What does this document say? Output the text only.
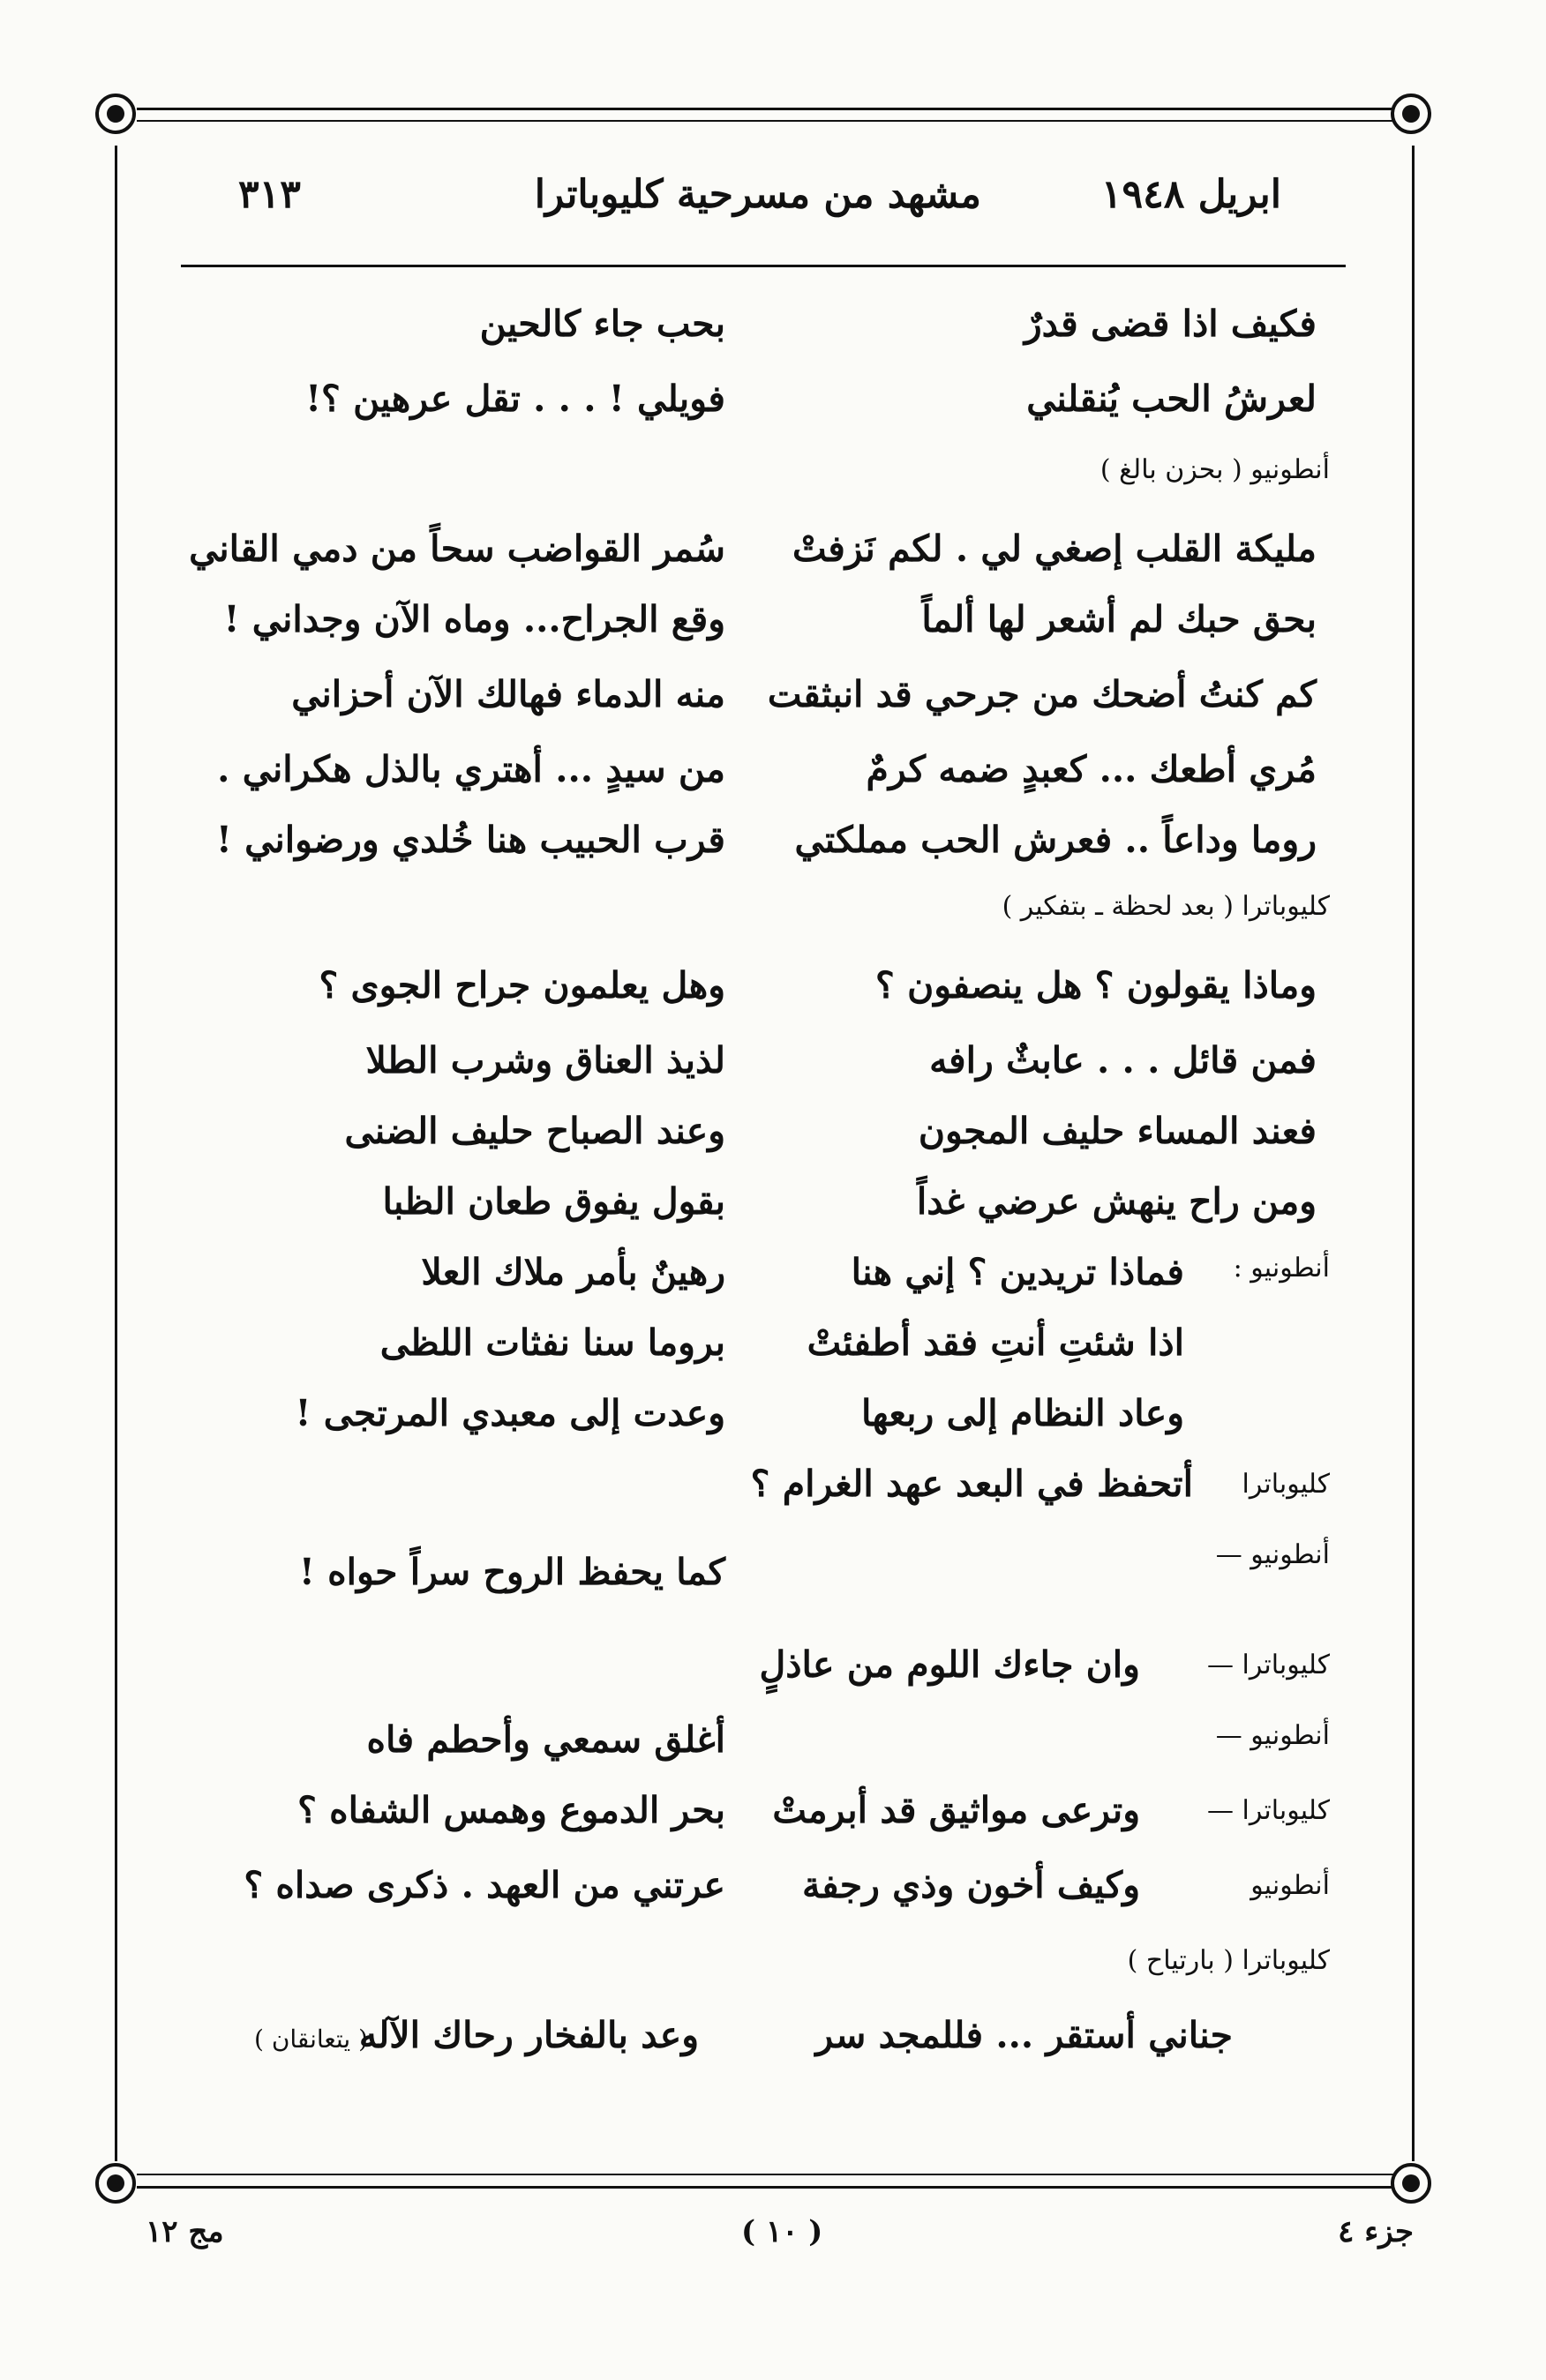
ابريل ١٩٤٨
مشهد من مسرحية كليوباترا
٣١٣
فكيف اذا قضى قدرٌ
بحب جاء كالحين
لعرشُ الحب يُنقلني
فويلي ! . . . تقل عرهين ؟!
أنطونيو ( بحزن بالغ )
مليكة القلب إصغي لي . لكم نَزفتْ
سُمر القواضب سحاً من دمي القاني
بحق حبك لم أشعر لها ألماً
وقع الجراح... وماه الآن وجداني !
كم كنتُ أضحك من جرحي قد انبثقت
منه الدماء فهالك الآن أحزاني
مُري أطعك ... كعبدٍ ضمه كرمٌ
من سيدٍ ... أهتري بالذل هكراني .
روما وداعاً .. فعرش الحب مملكتي
قرب الحبيب هنا خُلدي ورضواني !
كليوباترا ( بعد لحظة ـ بتفكير )
وماذا يقولون ؟ هل ينصفون ؟
وهل يعلمون جراح الجوى ؟
فمن قائل . . . عابثٌ رافه
لذيذ العناق وشرب الطلا
فعند المساء حليف المجون
وعند الصباح حليف الضنى
ومن راح ينهش عرضي غداً
بقول يفوق طعان الظبا
أنطونيو :
فماذا تريدين ؟ إني هنا
رهينٌ بأمر ملاك العلا
اذا شئتِ أنتِ فقد أطفئتْ
بروما سنا نفثات اللظى
وعاد النظام إلى ربعها
وعدت إلى معبدي المرتجى !
كليوباترا
أتحفظ في البعد عهد الغرام ؟
أنطونيو —
كما يحفظ الروح سراً حواه !
كليوباترا —
وان جاءك اللوم من عاذلٍ
أنطونيو —
أغلق سمعي وأحطم فاه
كليوباترا —
وترعى مواثيق قد أبرمتْ
بحر الدموع وهمس الشفاه ؟
أنطونيو
وكيف أخون وذي رجفة
عرتني من العهد . ذكرى صداه ؟
كليوباترا ( بارتياح )
جناني أستقر ... فللمجد سر
وعد بالفخار رحاك الآله
( يتعانقان )
جزء ٤
( ١٠ )
مج ١٢
